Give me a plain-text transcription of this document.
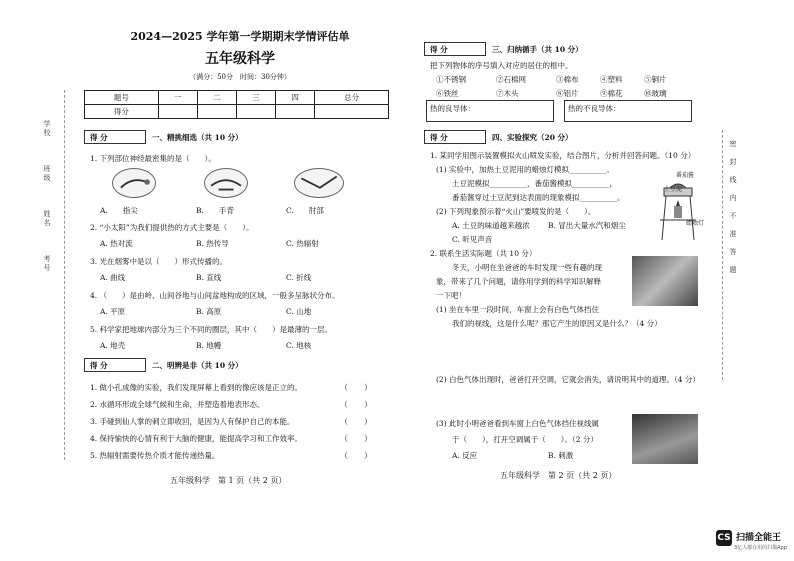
学校　　　班级　　　姓名　　　考号
2024—2025 学年第一学期期末学情评估单
五年级科学
（满分：50分　时间：30分钟）
题号	一	二	三	四	总分
得分					
得 分	一、精挑细选（共 10 分）
1. 下列部位神经最密集的是（　　）。
A.　　指尖	B.　　手背	C.　　肘部
2. “小太阳”为我们提供热的方式主要是（　　）。
A. 热对流	B. 热传导	C. 热辐射
3. 光在烟雾中是以（　　）形式传播的。
A. 曲线	B. 直线	C. 折线
4. （　　）是由岭、山间谷地与山间盆地构成的区域，一般多呈脉状分布。
A. 平原	B. 高原	C. 山地
5. 科学家把地球内部分为三个不同的圈层，其中（　　）是最薄的一层。
A. 地壳	B. 地幔	C. 地核
得 分	二、明辨是非（共 10 分）
1. 做小孔成像的实验，我们发现屏幕上看到的像应该是正立的。	（　　）
2. 水循环形成全球气候和生命，并塑造着地表形态。	（　　）
3. 手碰到仙人掌的刺立即收回，是因为人有保护自己的本能。	（　　）
4. 保持愉快的心情有利于大脑的健康，能提高学习和工作效率。	（　　）
5. 热辐射需要传热介质才能传递热量。	（　　）
五年级科学　第 1 页（共 2 页）
得 分	三、归纳循手（共 10 分）
把下列物体的序号填入对应的居住的框中。
①不锈钢	②石棉网	③棉布	④塑料	⑤铜片
⑥铁丝	⑦木头	⑧铝片	⑨棉花	⑩玻璃
热的良导体：	热的不良导体：
得 分	四、实验探究（20 分）
1. 某同学用图示装置模拟火山喷发实验，结合图片，分析并回答问题。（10 分）
(1) 实验中，加热土豆泥用的蜡烛灯模拟__________。
土豆泥模拟__________，番茄酱模拟__________，
番茄酱穿过土豆泥到达表面的现象模拟__________。
(2) 下列现象预示着“火山”要喷发的是（　　）。
A. 土豆的味道越来越浓 B. 冒出大量水汽和烟尘
C. 听见声音
番茄酱
土豆泥
蜡烛灯
2. 联系生活实际题（共 10 分）
冬天，小明在坐爸爸的车时发现一些有趣的现
象，带来了几个问题，请你用学到的科学知识解释
一下吧！
(1) 坐在车里一段时间，车窗上会有白色气体挡住
我们的视线，这是什么呢？那它产生的原因又是什么？（4 分）
(2) 白色气体出现时，爸爸打开空调，它就会消失，请说明其中的道理。（4 分）
(3) 此时小明爸爸看到车窗上白色气体挡住视线属
于（　　），打开空调属于（　　）。（2 分）
A. 反应	B. 刺激
五年级科学　第 2 页（共 2 页）
密　封　线　内　不　准　答　题
CS 扫描全能王
3亿人都在用的扫描App
